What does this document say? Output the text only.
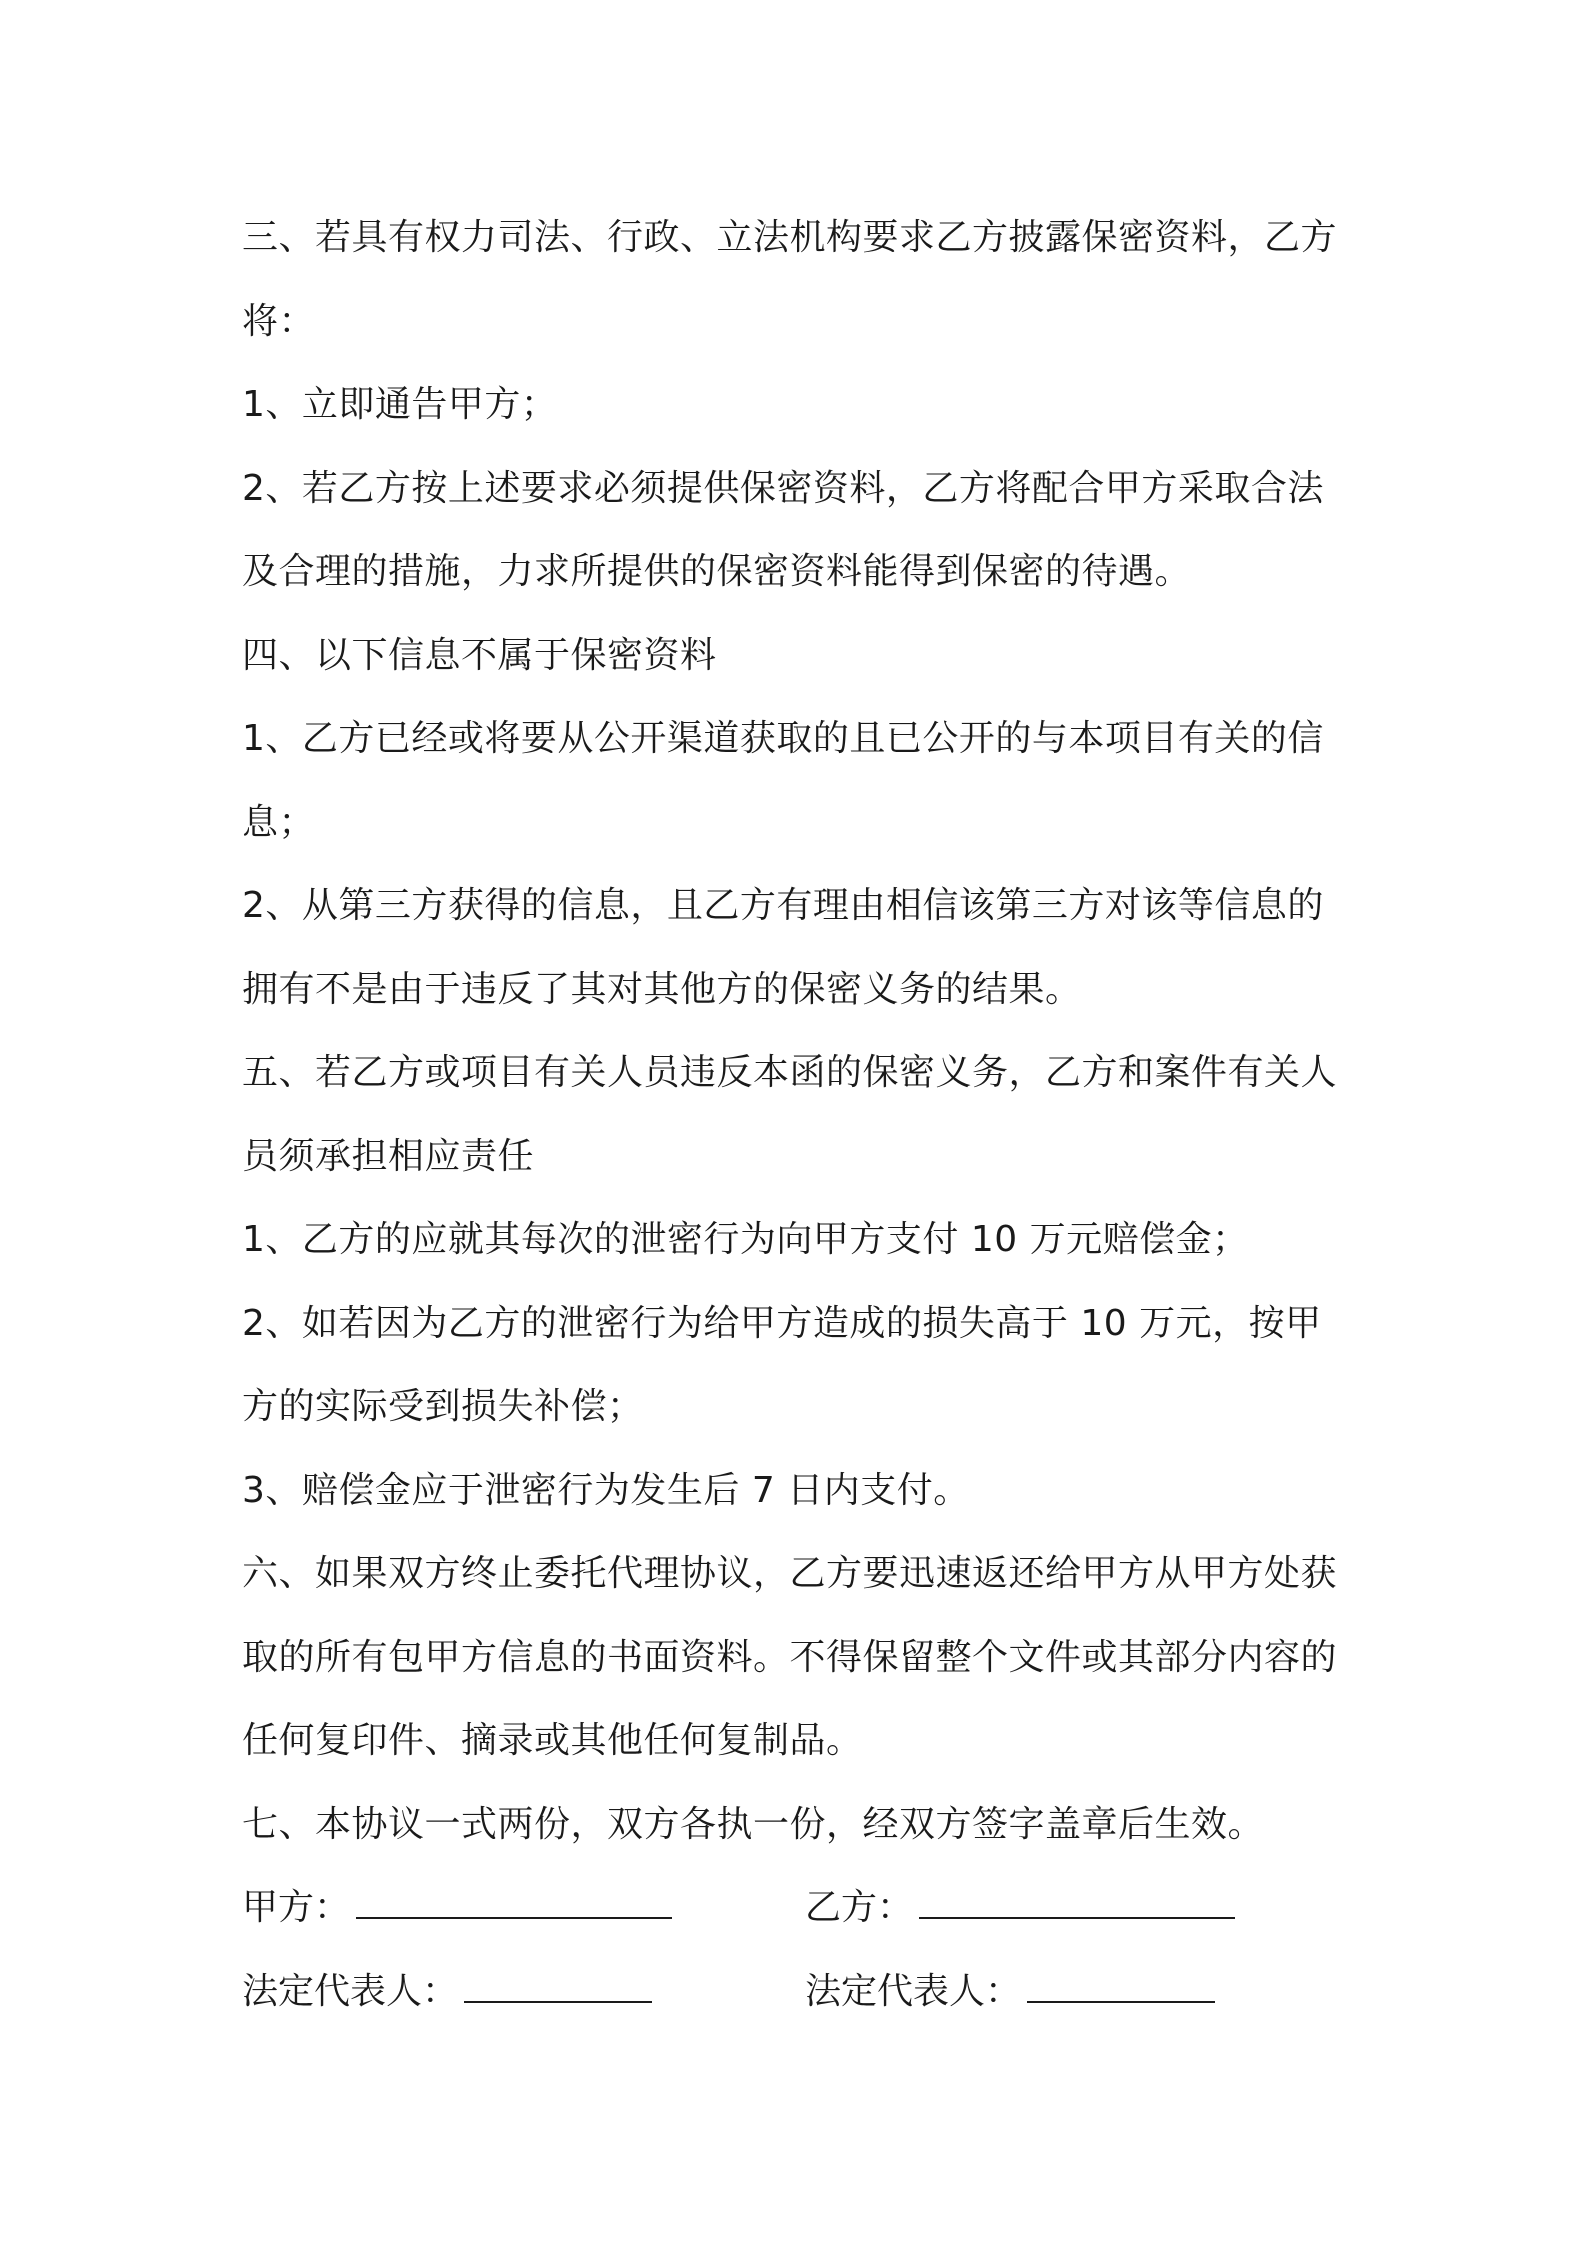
三、若具有权力司法、行政、立法机构要求乙方披露保密资料，乙方
将：
1、立即通告甲方；
2、若乙方按上述要求必须提供保密资料，乙方将配合甲方采取合法
及合理的措施，力求所提供的保密资料能得到保密的待遇。
四、以下信息不属于保密资料
1、乙方已经或将要从公开渠道获取的且已公开的与本项目有关的信
息；
2、从第三方获得的信息，且乙方有理由相信该第三方对该等信息的
拥有不是由于违反了其对其他方的保密义务的结果。
五、若乙方或项目有关人员违反本函的保密义务，乙方和案件有关人
员须承担相应责任
1、乙方的应就其每次的泄密行为向甲方支付 10 万元赔偿金；
2、如若因为乙方的泄密行为给甲方造成的损失高于 10 万元，按甲
方的实际受到损失补偿；
3、赔偿金应于泄密行为发生后 7 日内支付。
六、如果双方终止委托代理协议，乙方要迅速返还给甲方从甲方处获
取的所有包甲方信息的书面资料。不得保留整个文件或其部分内容的
任何复印件、摘录或其他任何复制品。
七、本协议一式两份，双方各执一份，经双方签字盖章后生效。
甲方：	乙方：
法定代表人：	法定代表人：
